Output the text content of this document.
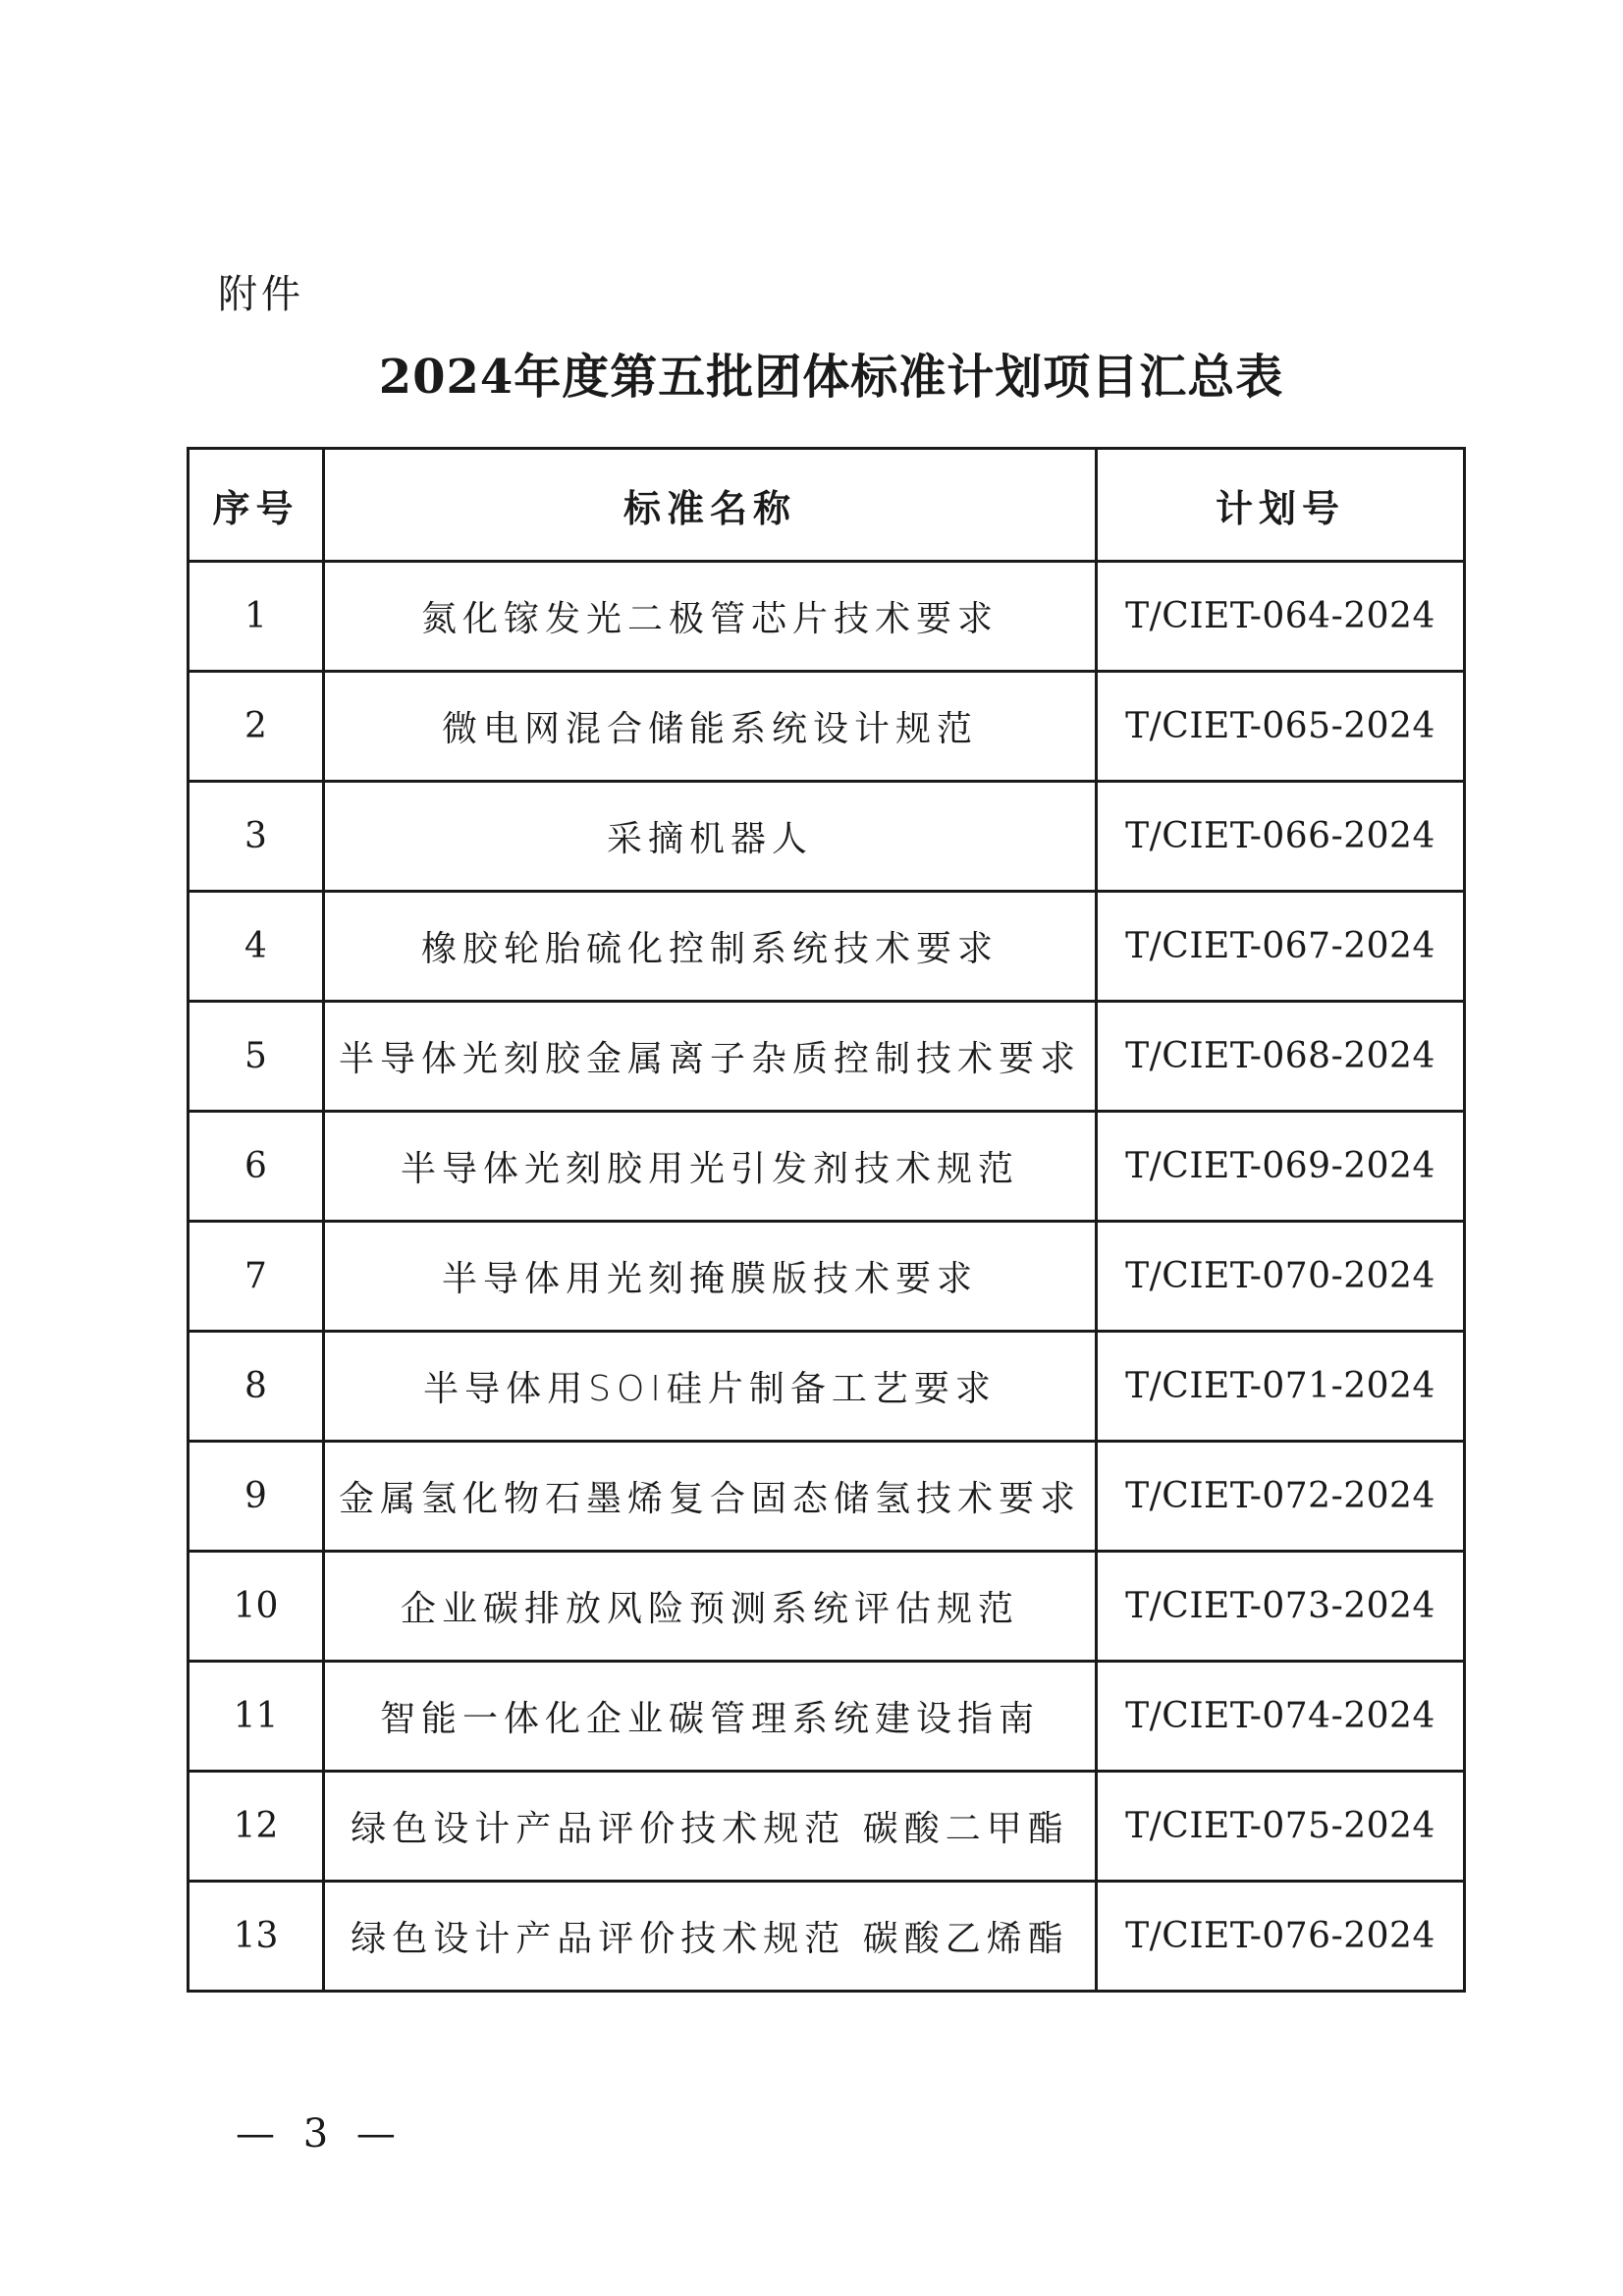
附件
2024年度第五批团体标准计划项目汇总表
序号	标准名称	计划号
1	氮化镓发光二极管芯片技术要求	T/CIET-064-2024
2	微电网混合储能系统设计规范	T/CIET-065-2024
3	采摘机器人	T/CIET-066-2024
4	橡胶轮胎硫化控制系统技术要求	T/CIET-067-2024
5	半导体光刻胶金属离子杂质控制技术要求	T/CIET-068-2024
6	半导体光刻胶用光引发剂技术规范	T/CIET-069-2024
7	半导体用光刻掩膜版技术要求	T/CIET-070-2024
8	半导体用SOI硅片制备工艺要求	T/CIET-071-2024
9	金属氢化物石墨烯复合固态储氢技术要求	T/CIET-072-2024
10	企业碳排放风险预测系统评估规范	T/CIET-073-2024
11	智能一体化企业碳管理系统建设指南	T/CIET-074-2024
12	绿色设计产品评价技术规范 碳酸二甲酯	T/CIET-075-2024
13	绿色设计产品评价技术规范 碳酸乙烯酯	T/CIET-076-2024
— 3 —
